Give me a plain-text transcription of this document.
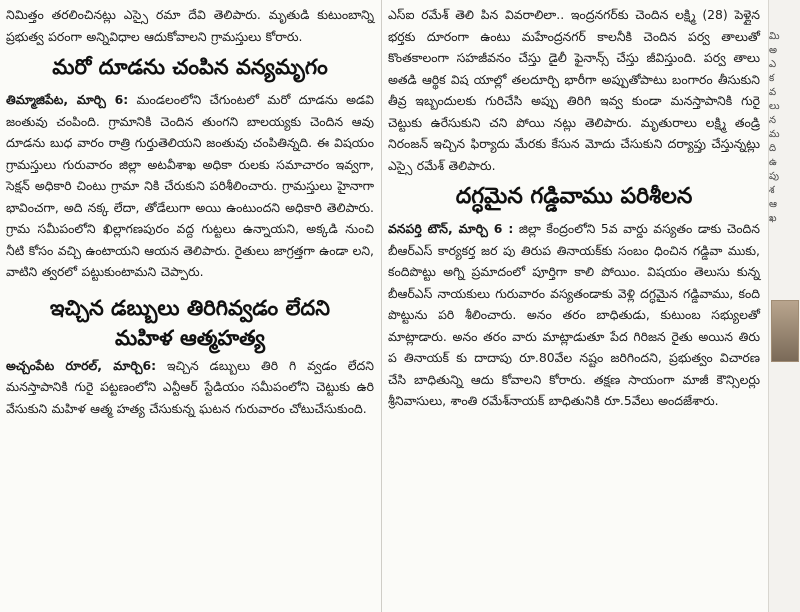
నిమిత్తం తరలించినట్లు ఎస్సై రమా దేవి తెలిపారు. మృతుడి కుటుంబాన్ని ప్రభుత్వ పరంగా అన్నివిధాల ఆదుకోవాలని గ్రామస్తులు కోరారు.

మరో దూడను చంపిన వన్యమృగం

తిమ్మాజిపేట, మార్చి 6: మండలంలోని చేగుంటలో మరో దూడను అడవి జంతువు చంపింది. గ్రామానికి చెందిన తుంగని బాలయ్యకు చెందిన ఆవు దూడను బుధ వారం రాత్రి గుర్తుతెలియని జంతువు చంపితిన్నది. ఈ విషయం గ్రామస్తులు గురువారం జిల్లా అటవీశాఖ అధికా రులకు సమాచారం ఇవ్వగా, సెక్షన్ అధికారి చింటు గ్రామా నికి చేరుకుని పరిశీలించారు. గ్రామస్తులు హైనాగా భావించగా, అది నక్క లేదా, తోడేలుగా అయి ఉంటుందని అధికారి తెలిపారు. గ్రామ సమీపంలోని ఖిల్లాగణపురం వద్ద గుట్టలు ఉన్నాయని, అక్కడి నుంచి నీటి కోసం వచ్చి ఉంటాయని ఆయన తెలిపారు. రైతులు జాగ్రత్తగా ఉండా లని, వాటిని త్వరలో పట్టుకుంటామని చెప్పారు.

ఇచ్చిన డబ్బులు తిరిగివ్వడం లేదని
మహిళ ఆత్మహత్య

అచ్చంపేట రూరల్, మార్చి6: ఇచ్చిన డబ్బులు తిరి గి వ్వడం లేదని మనస్తాపానికి గురై పట్టణంలోని ఎన్టీఆర్ స్టేడియం సమీపంలోని చెట్టుకు ఉరి వేసుకుని మహిళ ఆత్మ హత్య చేసుకున్న ఘటన గురువారం చోటుచేసుకుంది.

ఎస్ఐ రమేశ్ తెలి పిన వివరాలిలా.. ఇంద్రనగర్‌కు చెందిన లక్ష్మి (28) పెళ్లైన భర్తకు దూరంగా ఉంటు మహేంద్రనగర్ కాలనీకి చెందిన పర్వ తాలుతో కొంతకాలంగా సహజీవనం చేస్తు డైలీ ఫైనాన్స్ చేస్తు జీవిస్తుంది. పర్వ తాలు అతడి ఆర్థిక విష యాల్లో తలదూర్చి భారీగా అప్పుతోపాటు బంగారం తీసుకుని తీవ్ర ఇబ్బందులకు గురిచేసి అప్పు తిరిగి ఇవ్వ కుండా మనస్తాపానికి గురై చెట్టుకు ఉరేసుకుని చని పోయి నట్లు తెలిపారు. మృతురాలు లక్ష్మి తండ్రి నిరంజన్ ఇచ్చిన ఫిర్యాదు మేరకు కేసున మోదు చేసుకుని దర్యాప్తు చేస్తున్నట్లు ఎస్సై రమేశ్ తెలిపారు.

దగ్ధమైన గడ్డివాము పరిశీలన

వనపర్తి టౌన్, మార్చి 6 : జిల్లా కేంద్రంలోని 5వ వార్డు వస్యతం డాకు చెందిన బీఆర్ఎస్ కార్యకర్త జర పు తిరుప తినాయక్‌కు సంబం ధించిన గడ్డివా ముకు, కందిపొట్టు అగ్ని ప్రమాదంలో పూర్తిగా కాలి పోయిం. విషయం తెలుసు కున్న బీఆర్ఎస్ నాయకులు గురువారం వస్యతండాకు వెళ్లి దగ్ధమైన గడ్డివాము, కంది పొట్టును పరి శీలించారు. అనం తరం బాధితుడు, కుటుంబ సభ్యులతో మాట్లాడారు. అనం తరం వారు మాట్లాడుతూ పేద గిరిజన రైతు అయిన తిరు ప తినాయక్ కు దాదాపు రూ.80వేల నష్టం జరిగిందని, ప్రభుత్వం విచారణ చేసి బాధితున్ని ఆదు కోవాలని కోరారు. తక్షణ సాయంగా మాజీ కౌన్సిలర్లు శ్రీనివాసులు, శాంతి రమేశ్‌నాయక్ బాధితునికి రూ.5వేలు అందజేశారు.

మి
అ
ఎ
క
వ
లు
న
మ
ది
ఉ
పు
శ
ఆ
ఖ
